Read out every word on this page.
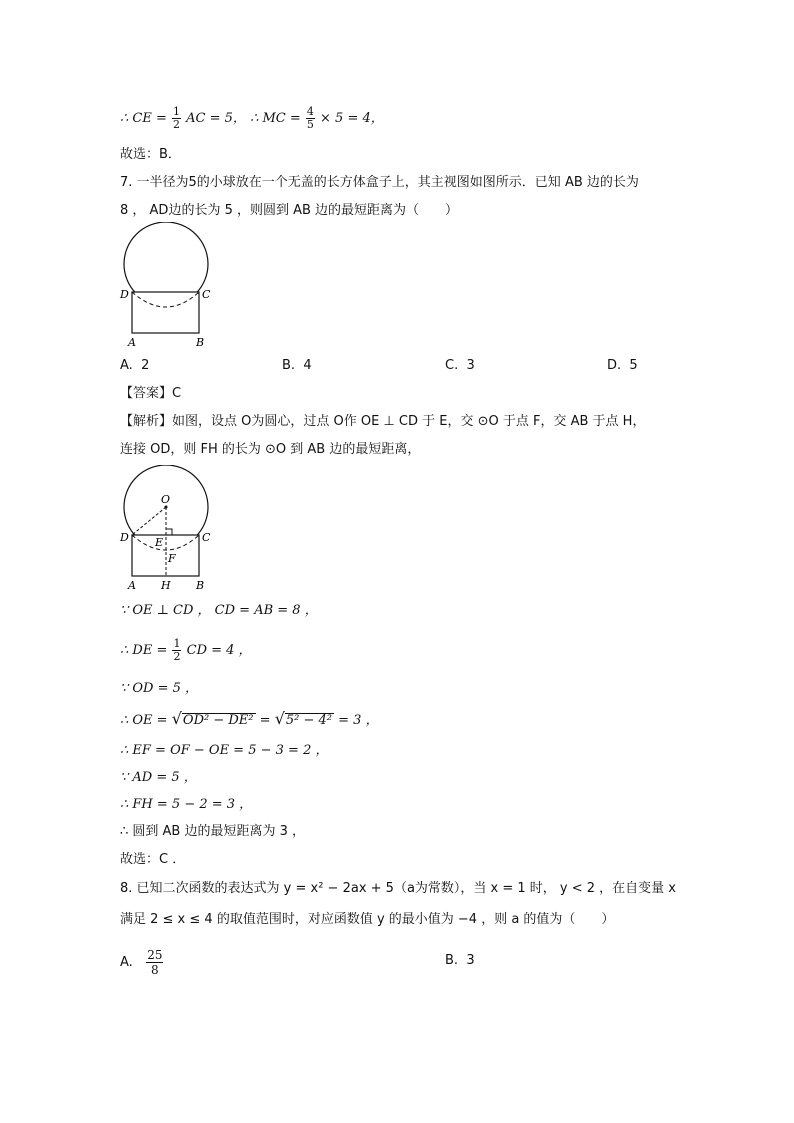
∴ CE = $\frac{1}{2}$ AC = 5， ∴ MC = $\frac{4}{5} \times 5 = 4$，
故选：B．
7. 一半径为5的小球放在一个无盖的长方体盒子上，其主视图如图所示．已知 AB 边的长为
8 ， AD边的长为 5 ，则圆到 AB 边的最短距离为（　　）
D	C
A	B
A. 2	B. 4	C. 3	D. 5
【答案】C
【解析】如图，设点 O为圆心，过点 O作 OE ⊥ CD 于 E，交 ⊙O 于点 F，交 AB 于点 H，
连接 OD，则 FH 的长为 ⊙O 到 AB 边的最短距离，
O
D	C
E
F
A H B
∵ OE ⊥ CD ， CD = AB = 8 ，
∴ DE = $\frac{1}{2}$ CD = 4 ，
∵ OD = 5 ，
∴ OE = √OD² − DE² = √5² − 4² = 3 ，
∴ EF = OF − OE = 5 − 3 = 2 ，
∵ AD = 5 ，
∴ FH = 5 − 2 = 3 ，
∴ 圆到 AB 边的最短距离为 3 ，
故选：C ．
8. 已知二次函数的表达式为 y = x² − 2ax + 5（a为常数），当 x = 1 时， y < 2 ，在自变量 x
满足 2 ≤ x ≤ 4 的取值范围时，对应函数值 y 的最小值为 −4 ，则 a 的值为（　　）
A. $\frac{25}{8}$	B. 3
